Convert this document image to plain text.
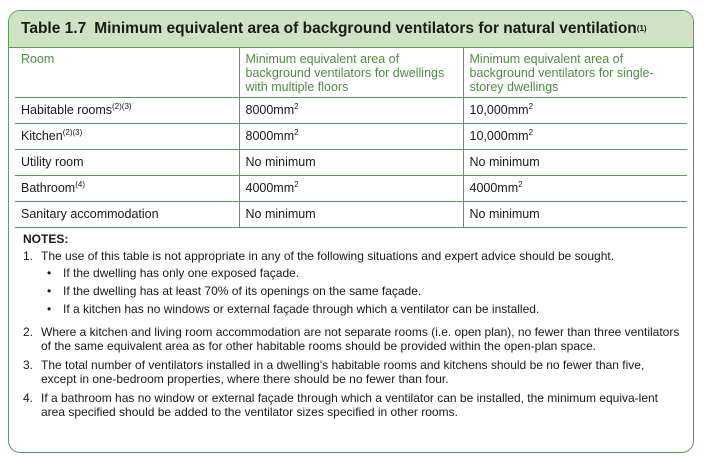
Table 1.7 Minimum equivalent area of background ventilators for natural ventilation (1)
Room	Minimum equivalent area of background ventilators for dwellings with multiple floors	Minimum equivalent area of background ventilators for single-storey dwellings
Habitable rooms$^{(2)(3)}$	$8000mm^2$	$10,000mm^2$
Kitchen$^{(2)(3)}$	$8000mm^2$	$10,000mm^2$
Utility room	No minimum	No minimum
Bathroom$^{(4)}$	$4000mm^2$	$4000mm^2$
Sanitary accommodation	No minimum	No minimum
NOTES:
1. The use of this table is not appropriate in any of the following situations and expert advice should be sought.
• If the dwelling has only one exposed façade.
• If the dwelling has at least 70% of its openings on the same façade.
• If a kitchen has no windows or external façade through which a ventilator can be installed.
2. Where a kitchen and living room accommodation are not separate rooms (i.e. open plan), no fewer than three ventilators of the same equivalent area as for other habitable rooms should be provided within the open-plan space.
3. The total number of ventilators installed in a dwelling's habitable rooms and kitchens should be no fewer than five, except in one-bedroom properties, where there should be no fewer than four.
4. If a bathroom has no window or external façade through which a ventilator can be installed, the minimum equiva-lent area specified should be added to the ventilator sizes specified in other rooms.
